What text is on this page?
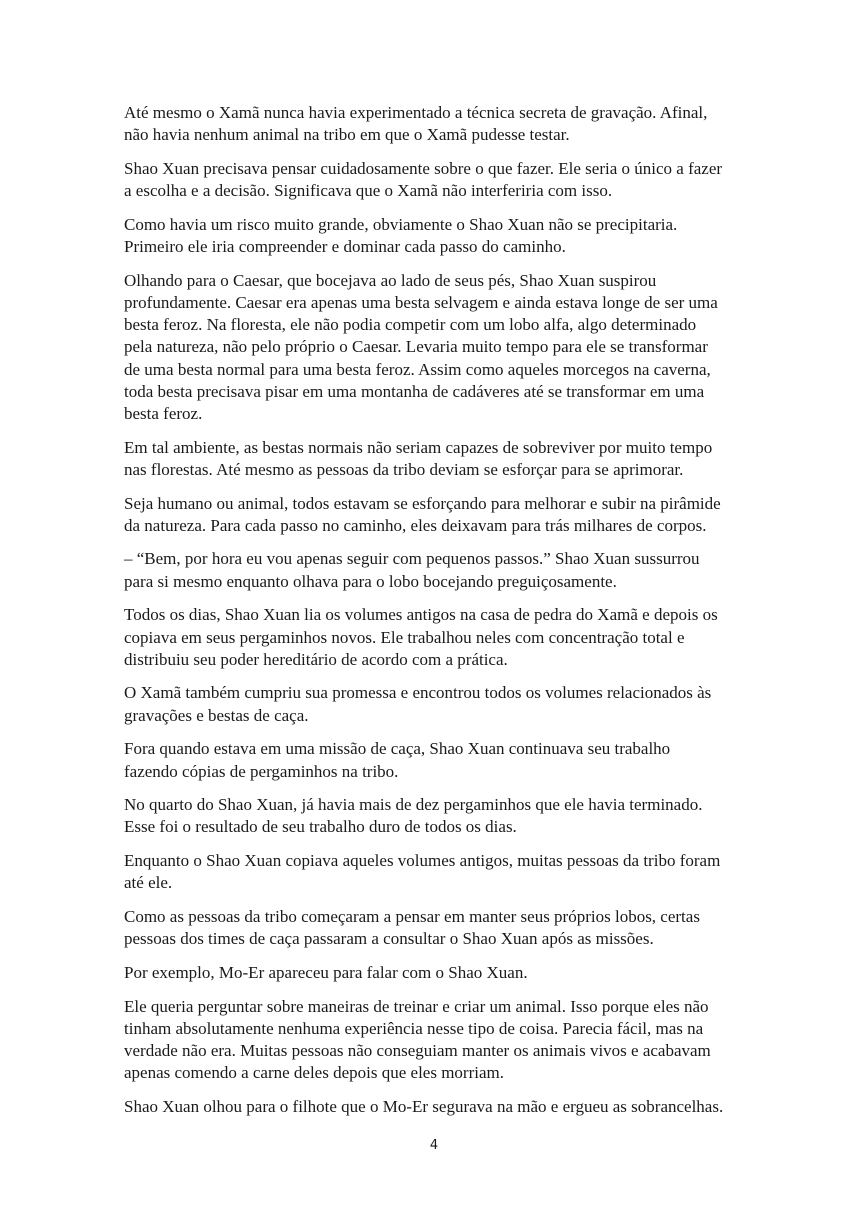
Até mesmo o Xamã nunca havia experimentado a técnica secreta de gravação. Afinal,
não havia nenhum animal na tribo em que o Xamã pudesse testar.

Shao Xuan precisava pensar cuidadosamente sobre o que fazer. Ele seria o único a fazer
a escolha e a decisão. Significava que o Xamã não interferiria com isso.

Como havia um risco muito grande, obviamente o Shao Xuan não se precipitaria.
Primeiro ele iria compreender e dominar cada passo do caminho.

Olhando para o Caesar, que bocejava ao lado de seus pés, Shao Xuan suspirou
profundamente. Caesar era apenas uma besta selvagem e ainda estava longe de ser uma
besta feroz. Na floresta, ele não podia competir com um lobo alfa, algo determinado
pela natureza, não pelo próprio o Caesar. Levaria muito tempo para ele se transformar
de uma besta normal para uma besta feroz. Assim como aqueles morcegos na caverna,
toda besta precisava pisar em uma montanha de cadáveres até se transformar em uma
besta feroz.

Em tal ambiente, as bestas normais não seriam capazes de sobreviver por muito tempo
nas florestas. Até mesmo as pessoas da tribo deviam se esforçar para se aprimorar.

Seja humano ou animal, todos estavam se esforçando para melhorar e subir na pirâmide
da natureza. Para cada passo no caminho, eles deixavam para trás milhares de corpos.

– “Bem, por hora eu vou apenas seguir com pequenos passos.” Shao Xuan sussurrou
para si mesmo enquanto olhava para o lobo bocejando preguiçosamente.

Todos os dias, Shao Xuan lia os volumes antigos na casa de pedra do Xamã e depois os
copiava em seus pergaminhos novos. Ele trabalhou neles com concentração total e
distribuiu seu poder hereditário de acordo com a prática.

O Xamã também cumpriu sua promessa e encontrou todos os volumes relacionados às
gravações e bestas de caça.

Fora quando estava em uma missão de caça, Shao Xuan continuava seu trabalho
fazendo cópias de pergaminhos na tribo.

No quarto do Shao Xuan, já havia mais de dez pergaminhos que ele havia terminado.
Esse foi o resultado de seu trabalho duro de todos os dias.

Enquanto o Shao Xuan copiava aqueles volumes antigos, muitas pessoas da tribo foram
até ele.

Como as pessoas da tribo começaram a pensar em manter seus próprios lobos, certas
pessoas dos times de caça passaram a consultar o Shao Xuan após as missões.

Por exemplo, Mo-Er apareceu para falar com o Shao Xuan.

Ele queria perguntar sobre maneiras de treinar e criar um animal. Isso porque eles não
tinham absolutamente nenhuma experiência nesse tipo de coisa. Parecia fácil, mas na
verdade não era. Muitas pessoas não conseguiam manter os animais vivos e acabavam
apenas comendo a carne deles depois que eles morriam.

Shao Xuan olhou para o filhote que o Mo-Er segurava na mão e ergueu as sobrancelhas.

4
